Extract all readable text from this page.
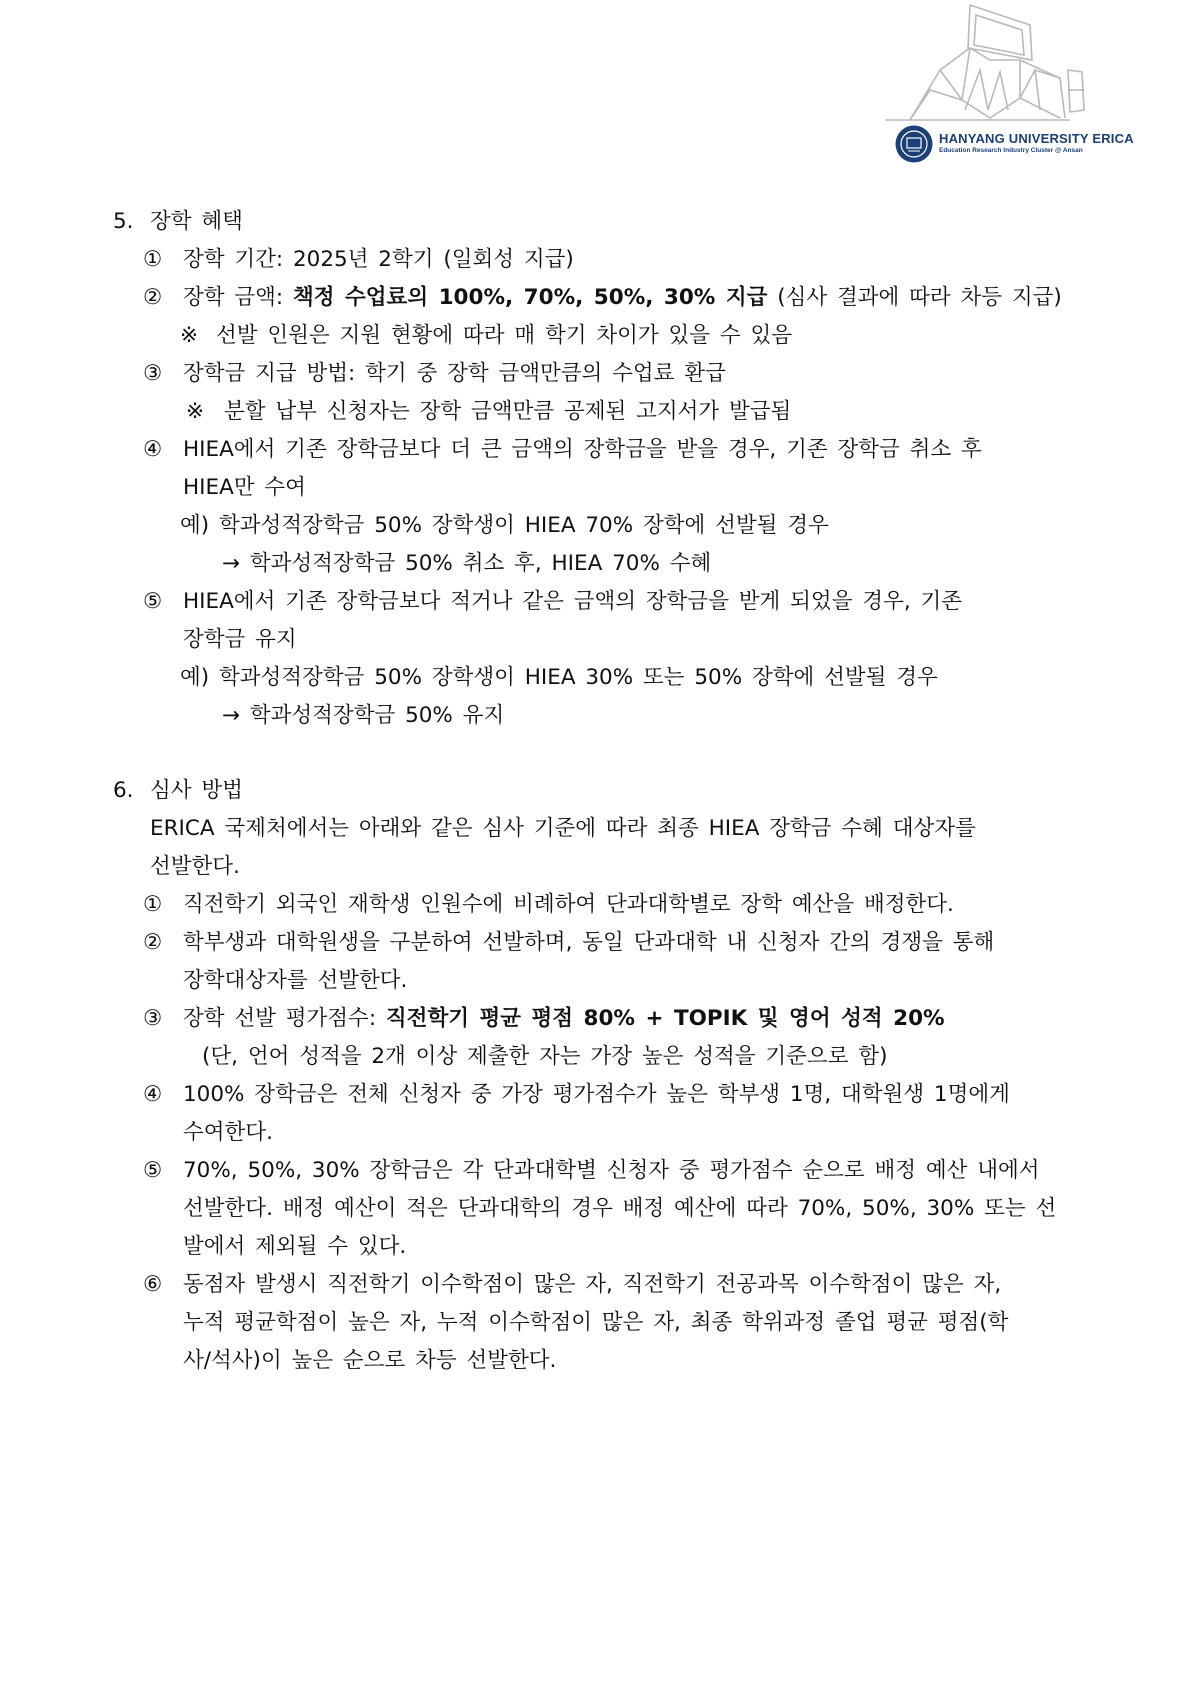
HANYANG UNIVERSITY ERICA
Education Research Industry Cluster @ Ansan
5. 장학 혜택
① 장학 기간: 2025년 2학기 (일회성 지급)
② 장학 금액: 책정 수업료의 100%, 70%, 50%, 30% 지급 (심사 결과에 따라 차등 지급)
※ 선발 인원은 지원 현황에 따라 매 학기 차이가 있을 수 있음
③ 장학금 지급 방법: 학기 중 장학 금액만큼의 수업료 환급
※ 분할 납부 신청자는 장학 금액만큼 공제된 고지서가 발급됨
④ HIEA에서 기존 장학금보다 더 큰 금액의 장학금을 받을 경우, 기존 장학금 취소 후
HIEA만 수여
예) 학과성적장학금 50% 장학생이 HIEA 70% 장학에 선발될 경우
→ 학과성적장학금 50% 취소 후, HIEA 70% 수혜
⑤ HIEA에서 기존 장학금보다 적거나 같은 금액의 장학금을 받게 되었을 경우, 기존
장학금 유지
예) 학과성적장학금 50% 장학생이 HIEA 30% 또는 50% 장학에 선발될 경우
→ 학과성적장학금 50% 유지
6. 심사 방법
ERICA 국제처에서는 아래와 같은 심사 기준에 따라 최종 HIEA 장학금 수혜 대상자를
선발한다.
① 직전학기 외국인 재학생 인원수에 비례하여 단과대학별로 장학 예산을 배정한다.
② 학부생과 대학원생을 구분하여 선발하며, 동일 단과대학 내 신청자 간의 경쟁을 통해
장학대상자를 선발한다.
③ 장학 선발 평가점수: 직전학기 평균 평점 80% + TOPIK 및 영어 성적 20%
(단, 언어 성적을 2개 이상 제출한 자는 가장 높은 성적을 기준으로 함)
④ 100% 장학금은 전체 신청자 중 가장 평가점수가 높은 학부생 1명, 대학원생 1명에게
수여한다.
⑤ 70%, 50%, 30% 장학금은 각 단과대학별 신청자 중 평가점수 순으로 배정 예산 내에서
선발한다. 배정 예산이 적은 단과대학의 경우 배정 예산에 따라 70%, 50%, 30% 또는 선
발에서 제외될 수 있다.
⑥ 동점자 발생시 직전학기 이수학점이 많은 자, 직전학기 전공과목 이수학점이 많은 자,
누적 평균학점이 높은 자, 누적 이수학점이 많은 자, 최종 학위과정 졸업 평균 평점(학
사/석사)이 높은 순으로 차등 선발한다.
